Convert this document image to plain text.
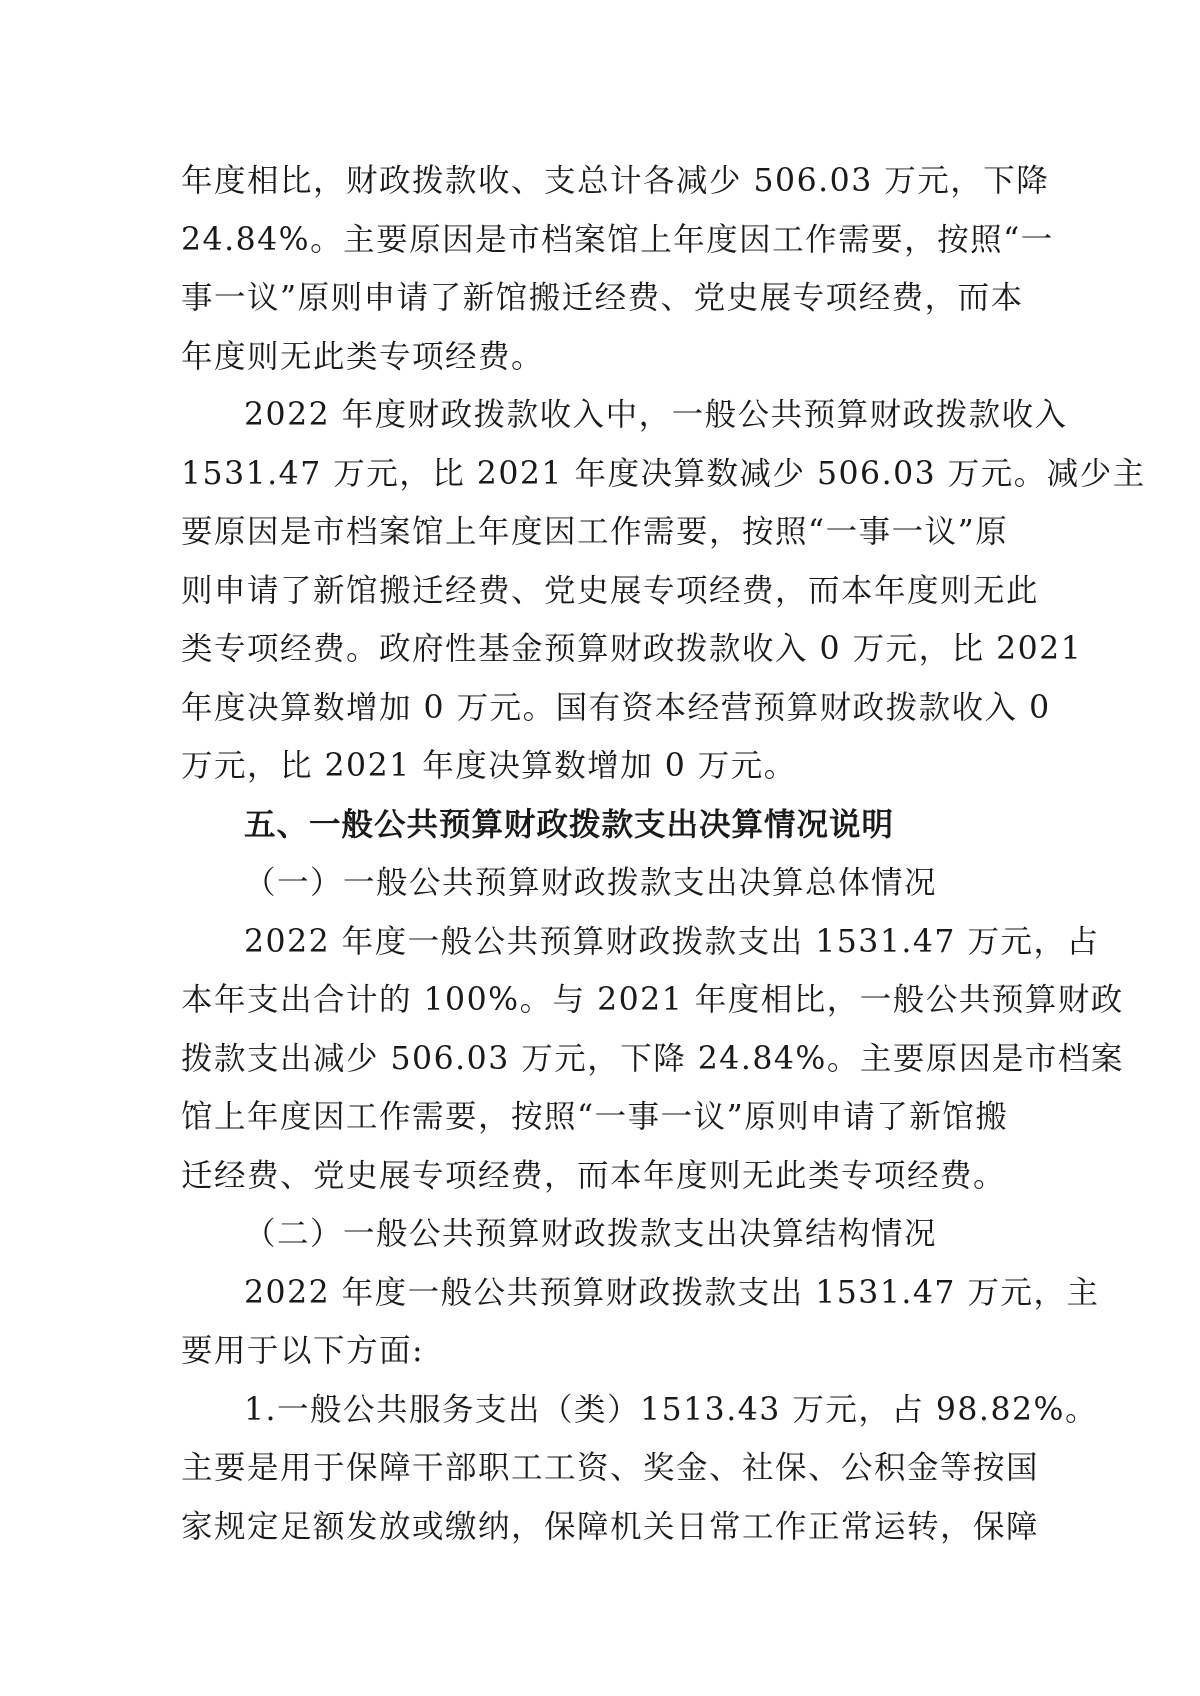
年度相比，财政拨款收、支总计各减少 506.03 万元，下降
24.84%。主要原因是市档案馆上年度因工作需要，按照“一
事一议”原则申请了新馆搬迁经费、党史展专项经费，而本
年度则无此类专项经费。

2022 年度财政拨款收入中，一般公共预算财政拨款收入
1531.47 万元，比 2021 年度决算数减少 506.03 万元。减少主
要原因是市档案馆上年度因工作需要，按照“一事一议”原
则申请了新馆搬迁经费、党史展专项经费，而本年度则无此
类专项经费。政府性基金预算财政拨款收入 0 万元，比 2021
年度决算数增加 0 万元。国有资本经营预算财政拨款收入 0
万元，比 2021 年度决算数增加 0 万元。

五、一般公共预算财政拨款支出决算情况说明

（一）一般公共预算财政拨款支出决算总体情况

2022 年度一般公共预算财政拨款支出 1531.47 万元，占
本年支出合计的 100%。与 2021 年度相比，一般公共预算财政
拨款支出减少 506.03 万元，下降 24.84%。主要原因是市档案
馆上年度因工作需要，按照“一事一议”原则申请了新馆搬
迁经费、党史展专项经费，而本年度则无此类专项经费。

（二）一般公共预算财政拨款支出决算结构情况

2022 年度一般公共预算财政拨款支出 1531.47 万元，主
要用于以下方面:

1.一般公共服务支出（类）1513.43 万元，占 98.82%。
主要是用于保障干部职工工资、奖金、社保、公积金等按国
家规定足额发放或缴纳，保障机关日常工作正常运转，保障
